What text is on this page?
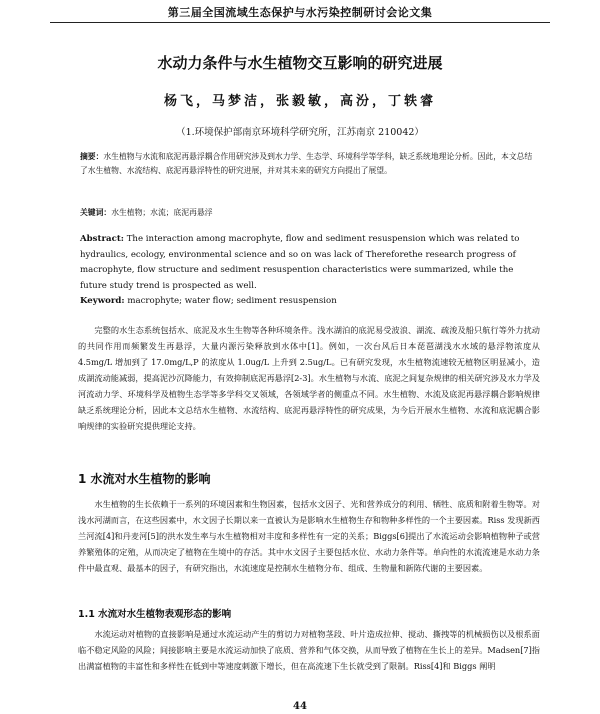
第三届全国流域生态保护与水污染控制研讨会论文集
水动力条件与水生植物交互影响的研究进展
杨飞，马梦洁，张毅敏，高汾，丁轶睿
（1.环境保护部南京环境科学研究所，江苏南京 210042）
摘要：水生植物与水流和底泥再悬浮耦合作用研究涉及到水力学、生态学、环境科学等学科，缺乏系统地理论分析。因此，本文总结了水生植物、水流结构、底泥再悬浮特性的研究进展，并对其未来的研究方向提出了展望。
关键词：水生植物；水流；底泥再悬浮
Abstract: The interaction among macrophyte, flow and sediment resuspension which was related to hydraulics, ecology, environmental science and so on was lack of Thereforethe research progress of macrophyte, flow structure and sediment resuspention characteristics were summarized, while the future study trend is prospected as well.
Keyword: macrophyte; water flow; sediment resuspension
完整的水生态系统包括水、底泥及水生生物等各种环境条件。浅水湖泊的底泥易受波浪、湖流、疏浚及船只航行等外力扰动的共同作用而频繁发生再悬浮，大量内源污染释放到水体中[1]。例如，一次台风后日本琵琶湖浅水水域的悬浮物浓度从 4.5mg/L 增加到了 17.0mg/L,P 的浓度从 1.0ug/L 上升到 2.5ug/L。已有研究发现，水生植物流速较无植物区明显减小，造成湖流动能减弱，提高泥沙沉降能力，有效抑制底泥再悬浮[2-3]。水生植物与水流、底泥之间复杂规律的相关研究涉及水力学及河流动力学、环境科学及植物生态学等多学科交叉领域，各领域学者的侧重点不同。水生植物、水流及底泥再悬浮耦合影响规律缺乏系统理论分析，因此本文总结水生植物、水流结构、底泥再悬浮特性的研究成果，为今后开展水生植物、水流和底泥耦合影响规律的实验研究提供理论支持。
1 水流对水生植物的影响
水生植物的生长依赖于一系列的环境因素和生物因素，包括水文因子、光和营养成分的利用、牺牲、底质和附着生物等。对浅水河湖而言，在这些因素中，水文因子长期以来一直被认为是影响水生植物生存和物种多样性的一个主要因素。Riss 发现新西兰河流[4]和丹麦河[5]的洪水发生率与水生植物相对丰度和多样性有一定的关系；Biggs[6]提出了水流运动会影响植物种子或营养繁殖体的定殖，从而决定了植物在生境中的存活。其中水文因子主要包括水位、水动力条件等。单向性的水流流速是水动力条件中最直观、最基本的因子，有研究指出，水流速度是控制水生植物分布、组成、生物量和新陈代谢的主要因素。
1.1 水流对水生植物表观形态的影响
水流运动对植物的直接影响是通过水流运动产生的剪切力对植物茎段、叶片造成拉伸、搅动、撕拽等的机械损伤以及根系面临不稳定风险的风险；间接影响主要是水流运动加快了底质、营养和气体交换，从而导致了植物在生长上的差异。Madsen[7]指出满富植物的丰富性和多样性在低到中等速度刺激下增长，但在高流速下生长就受到了限制。Riss[4]和 Biggs 阐明
44
